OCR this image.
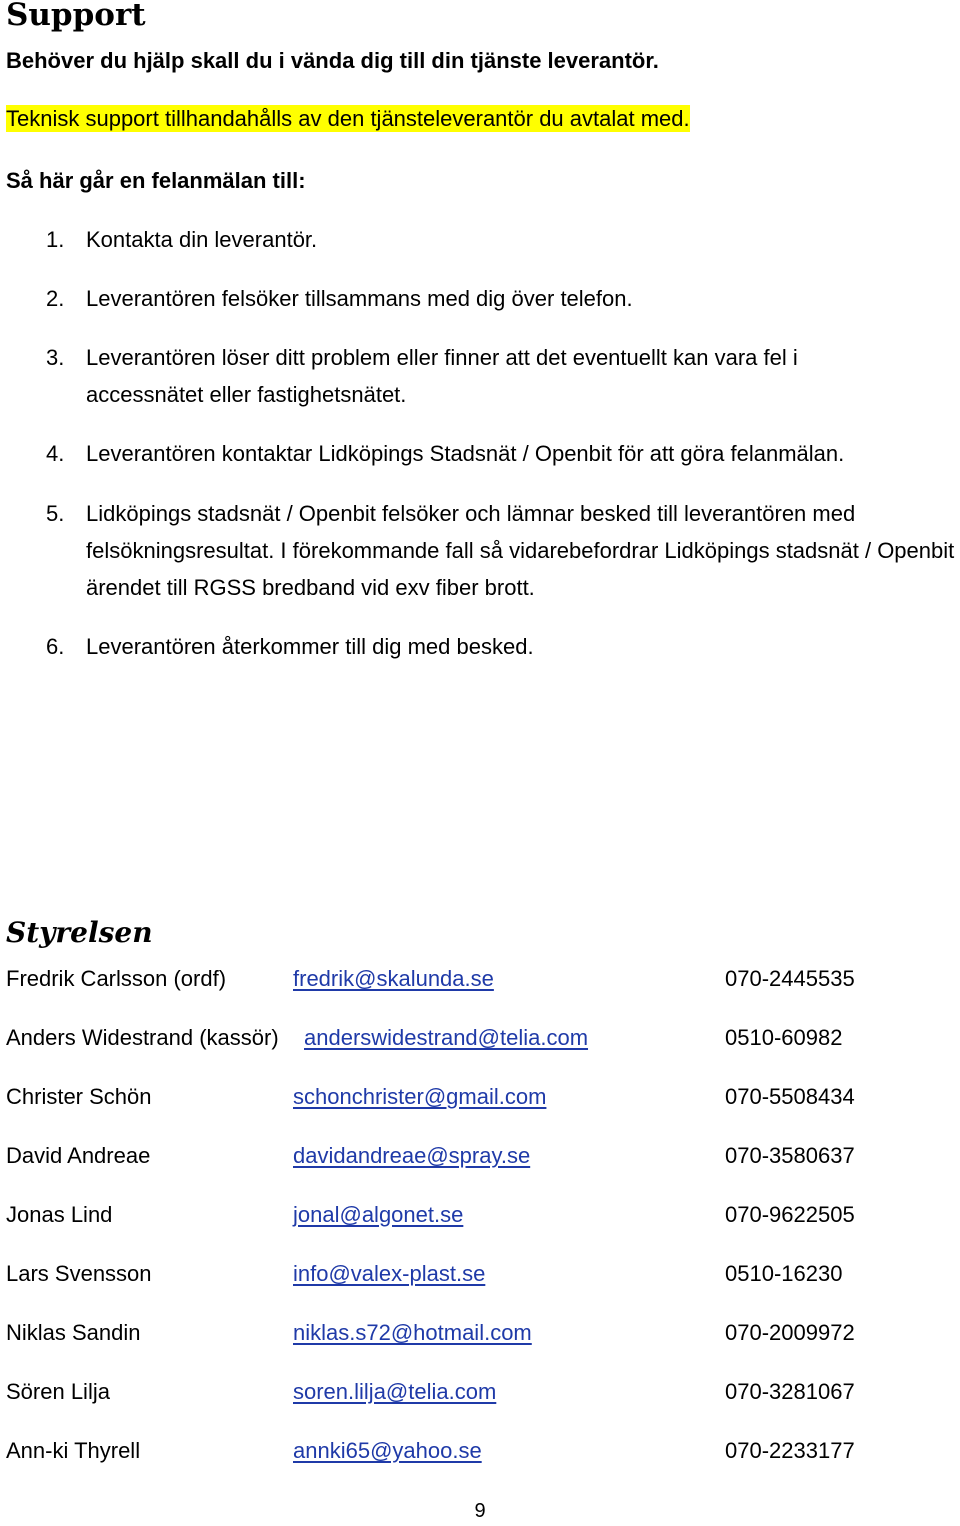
Support
Behöver du hjälp skall du i vända dig till din tjänste leverantör.
Teknisk support tillhandahålls av den tjänsteleverantör du avtalat med.
Så här går en felanmälan till:
1. Kontakta din leverantör.
2. Leverantören felsöker tillsammans med dig över telefon.
3. Leverantören löser ditt problem eller finner att det eventuellt kan vara fel i accessnätet eller fastighetsnätet.
4. Leverantören kontaktar Lidköpings Stadsnät / Openbit för att göra felanmälan.
5. Lidköpings stadsnät / Openbit felsöker och lämnar besked till leverantören med felsökningsresultat. I förekommande fall så vidarebefordrar Lidköpings stadsnät / Openbit ärendet till RGSS bredband vid exv fiber brott.
6. Leverantören återkommer till dig med besked.
Styrelsen
Fredrik Carlsson (ordf)	fredrik@skalunda.se	070-2445535
Anders Widestrand (kassör) anderswidestrand@telia.com	0510-60982
Christer Schön	schonchrister@gmail.com	070-5508434
David Andreae	davidandreae@spray.se	070-3580637
Jonas Lind	jonal@algonet.se	070-9622505
Lars Svensson	info@valex-plast.se	0510-16230
Niklas Sandin	niklas.s72@hotmail.com	070-2009972
Sören Lilja	soren.lilja@telia.com	070-3281067
Ann-ki Thyrell	annki65@yahoo.se	070-2233177
9
